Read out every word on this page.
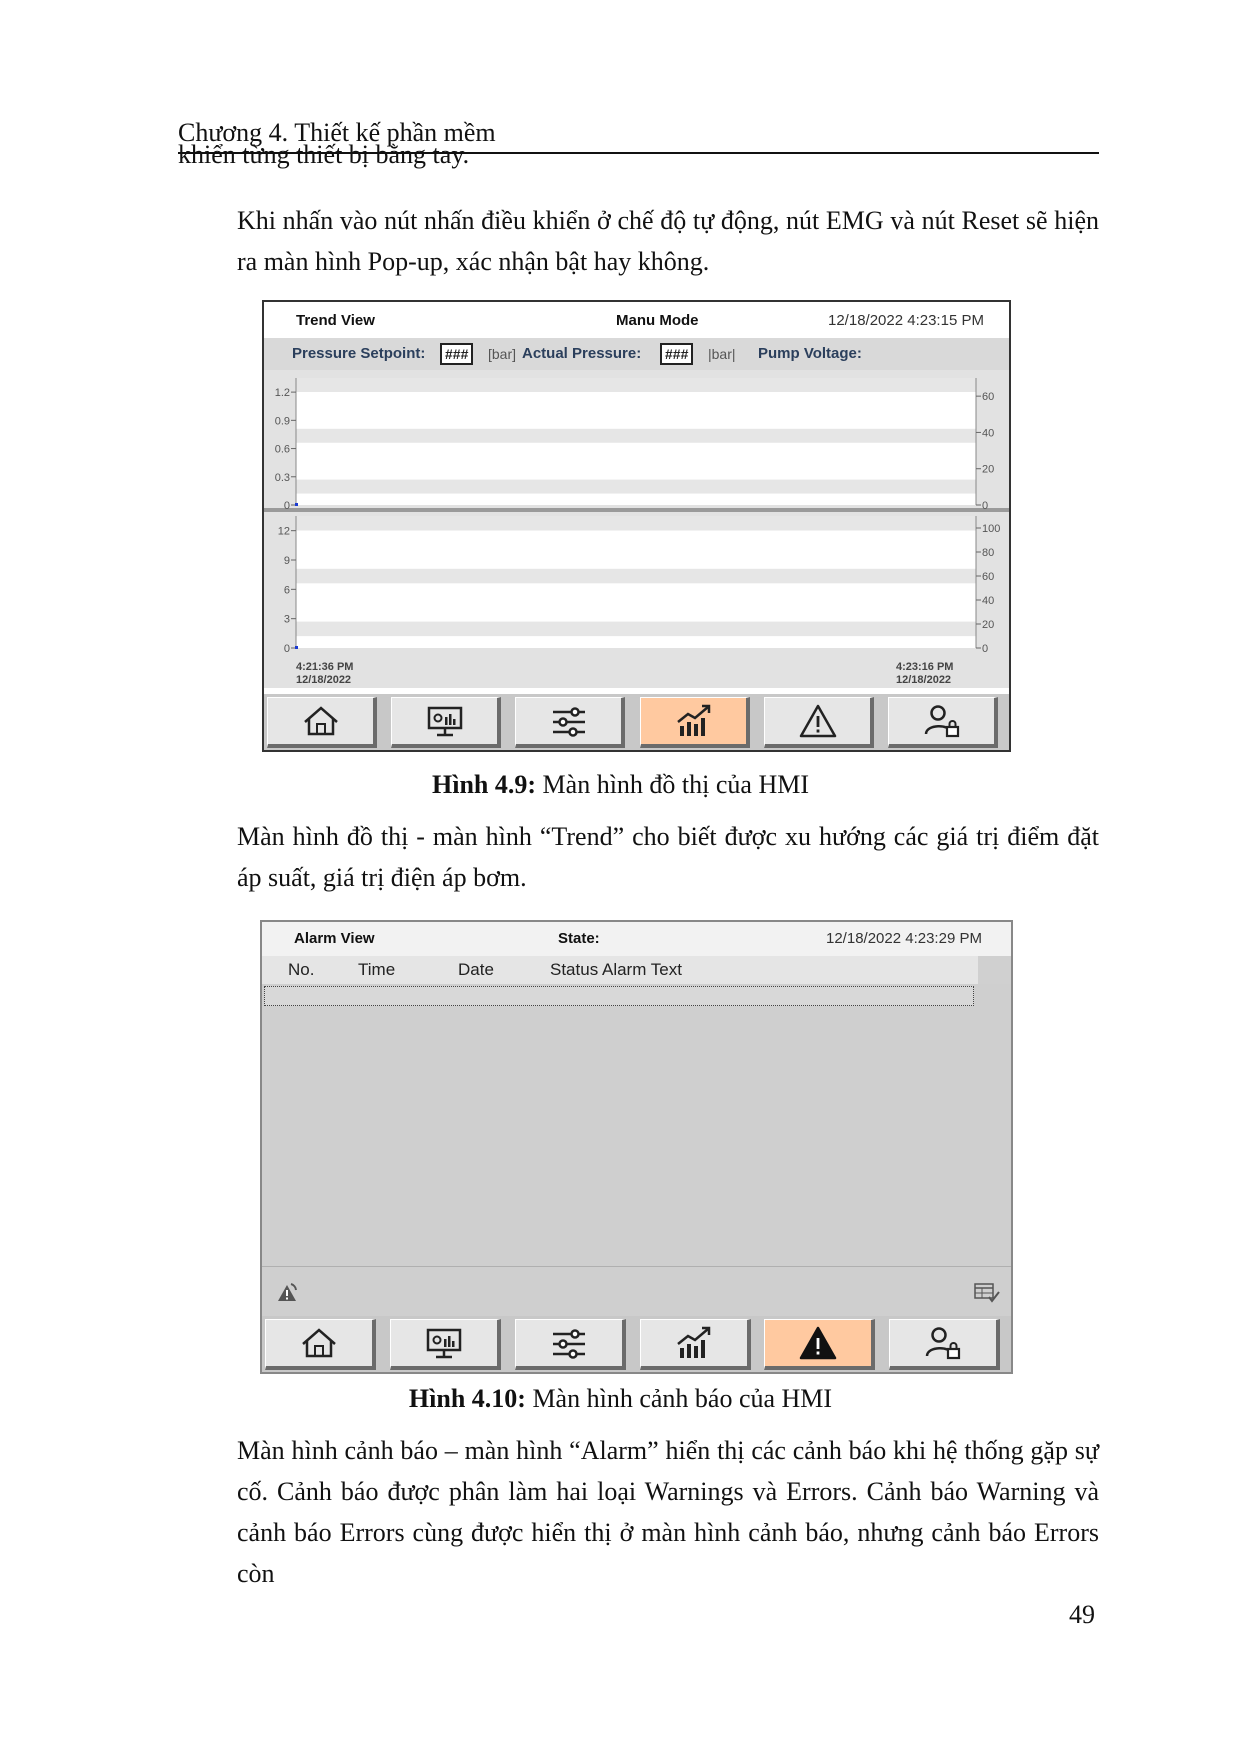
Chương 4. Thiết kế phần mềm
khiển từng thiết bị bằng tay.
Khi nhấn vào nút nhấn điều khiển ở chế độ tự động, nút EMG và nút Reset sẽ hiện ra màn hình Pop-up, xác nhận bật hay không.
Trend View	Manu Mode	12/18/2022 4:23:15 PM
Pressure Setpoint:	###	[bar] Actual Pressure:	###	|bar| Pump Voltage:
1.2
0.9
0.6
0.3
0
60
40
20
0
12
9
6
3
0
100
80
60
40
20
0
4:21:36 PM
12/18/2022
4:23:16 PM
12/18/2022
Hình 4.9: Màn hình đồ thị của HMI
Màn hình đồ thị - màn hình “Trend” cho biết được xu hướng các giá trị điểm đặt áp suất, giá trị điện áp bơm.
Alarm View	State:	12/18/2022 4:23:29 PM
No.	Time	Date	Status Alarm Text
Hình 4.10: Màn hình cảnh báo của HMI
Màn hình cảnh báo – màn hình “Alarm” hiển thị các cảnh báo khi hệ thống gặp sự cố. Cảnh báo được phân làm hai loại Warnings và Errors. Cảnh báo Warning và cảnh báo Errors cùng được hiển thị ở màn hình cảnh báo, nhưng cảnh báo Errors còn
49
